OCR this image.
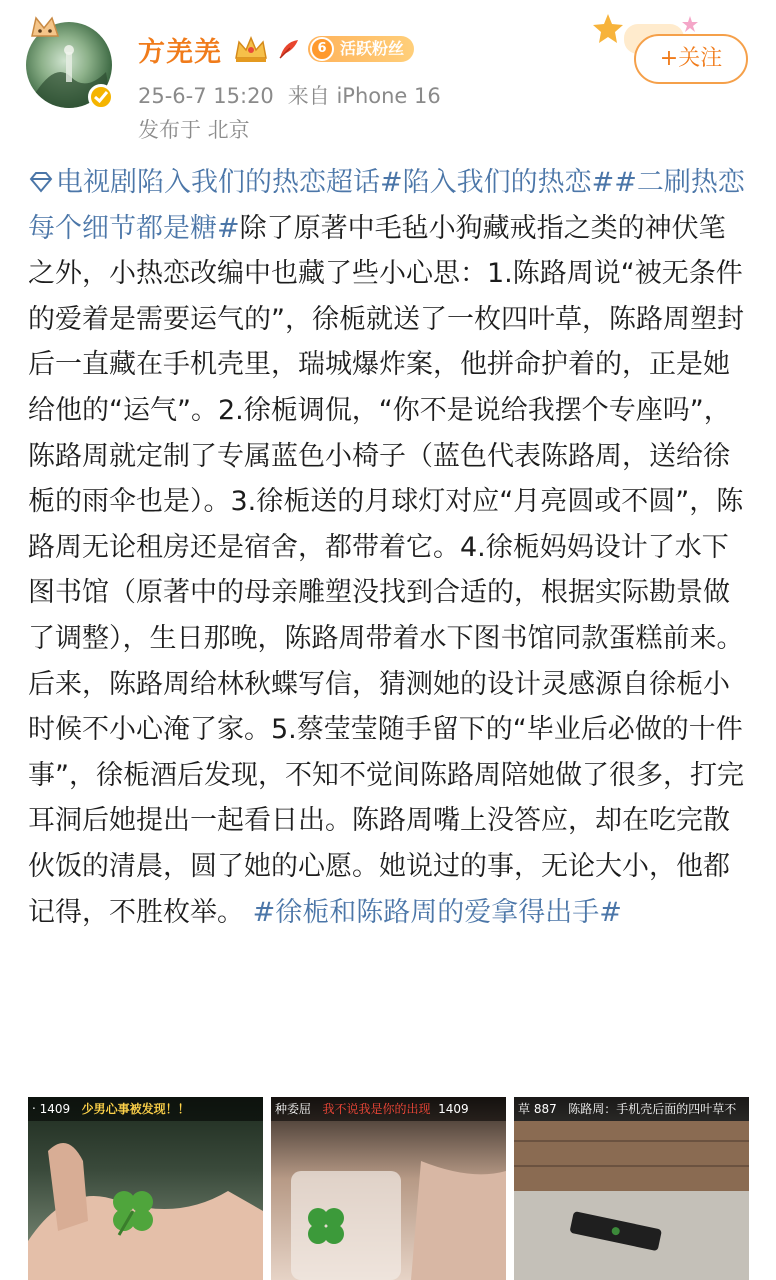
方羌羌	6 活跃粉丝
25-6-7 15:20 来自 iPhone 16
发布于 北京
+关注
电视剧陷入我们的热恋超话#陷入我们的热恋##二刷热恋每个细节都是糖#除了原著中毛毡小狗藏戒指之类的神伏笔之外，小热恋改编中也藏了些小心思：1.陈路周说“被无条件的爱着是需要运气的”，徐栀就送了一枚四叶草，陈路周塑封后一直藏在手机壳里，瑞城爆炸案，他拼命护着的，正是她给他的“运气”。2.徐栀调侃，“你不是说给我摆个专座吗”，陈路周就定制了专属蓝色小椅子（蓝色代表陈路周，送给徐栀的雨伞也是）。3.徐栀送的月球灯对应“月亮圆或不圆”，陈路周无论租房还是宿舍，都带着它。4.徐栀妈妈设计了水下图书馆（原著中的母亲雕塑没找到合适的，根据实际勘景做了调整），生日那晚，陈路周带着水下图书馆同款蛋糕前来。后来，陈路周给林秋蝶写信，猜测她的设计灵感源自徐栀小时候不小心淹了家。5.蔡莹莹随手留下的“毕业后必做的十件事”，徐栀酒后发现，不知不觉间陈路周陪她做了很多，打完耳洞后她提出一起看日出。陈路周嘴上没答应，却在吃完散伙饭的清晨，圆了她的心愿。她说过的事，无论大小，他都记得，不胜枚举。 #徐栀和陈路周的爱拿得出手#
‧ 1409 少男心事被发现！！	种委屈 我不说我是你的出现 1409	草 887 陈路周：手机壳后面的四叶草不
